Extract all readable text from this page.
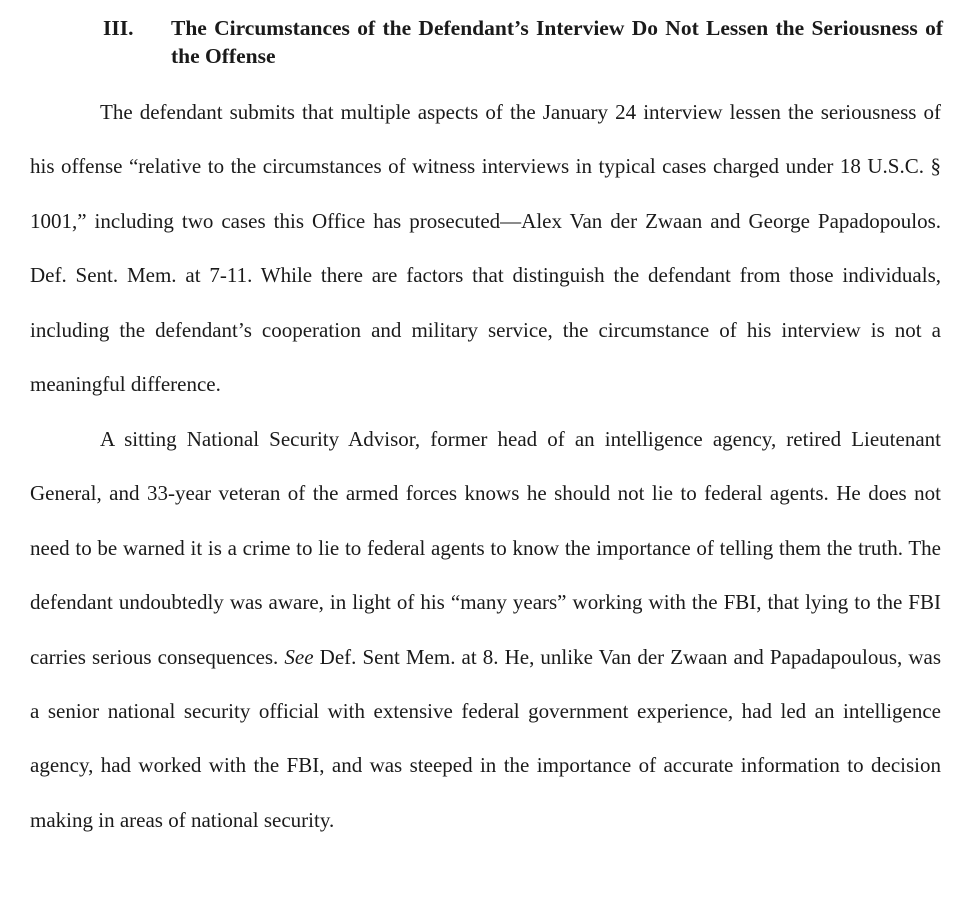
III. The Circumstances of the Defendant’s Interview Do Not Lessen the Seriousness of the Offense

The defendant submits that multiple aspects of the January 24 interview lessen the seriousness of his offense “relative to the circumstances of witness interviews in typical cases charged under 18 U.S.C. § 1001,” including two cases this Office has prosecuted—Alex Van der Zwaan and George Papadopoulos. Def. Sent. Mem. at 7-11. While there are factors that distinguish the defendant from those individuals, including the defendant’s cooperation and military service, the circumstance of his interview is not a meaningful difference.

A sitting National Security Advisor, former head of an intelligence agency, retired Lieutenant General, and 33-year veteran of the armed forces knows he should not lie to federal agents. He does not need to be warned it is a crime to lie to federal agents to know the importance of telling them the truth. The defendant undoubtedly was aware, in light of his “many years” working with the FBI, that lying to the FBI carries serious consequences. See Def. Sent Mem. at 8. He, unlike Van der Zwaan and Papadapoulous, was a senior national security official with extensive federal government experience, had led an intelligence agency, had worked with the FBI, and was steeped in the importance of accurate information to decision making in areas of national security.
